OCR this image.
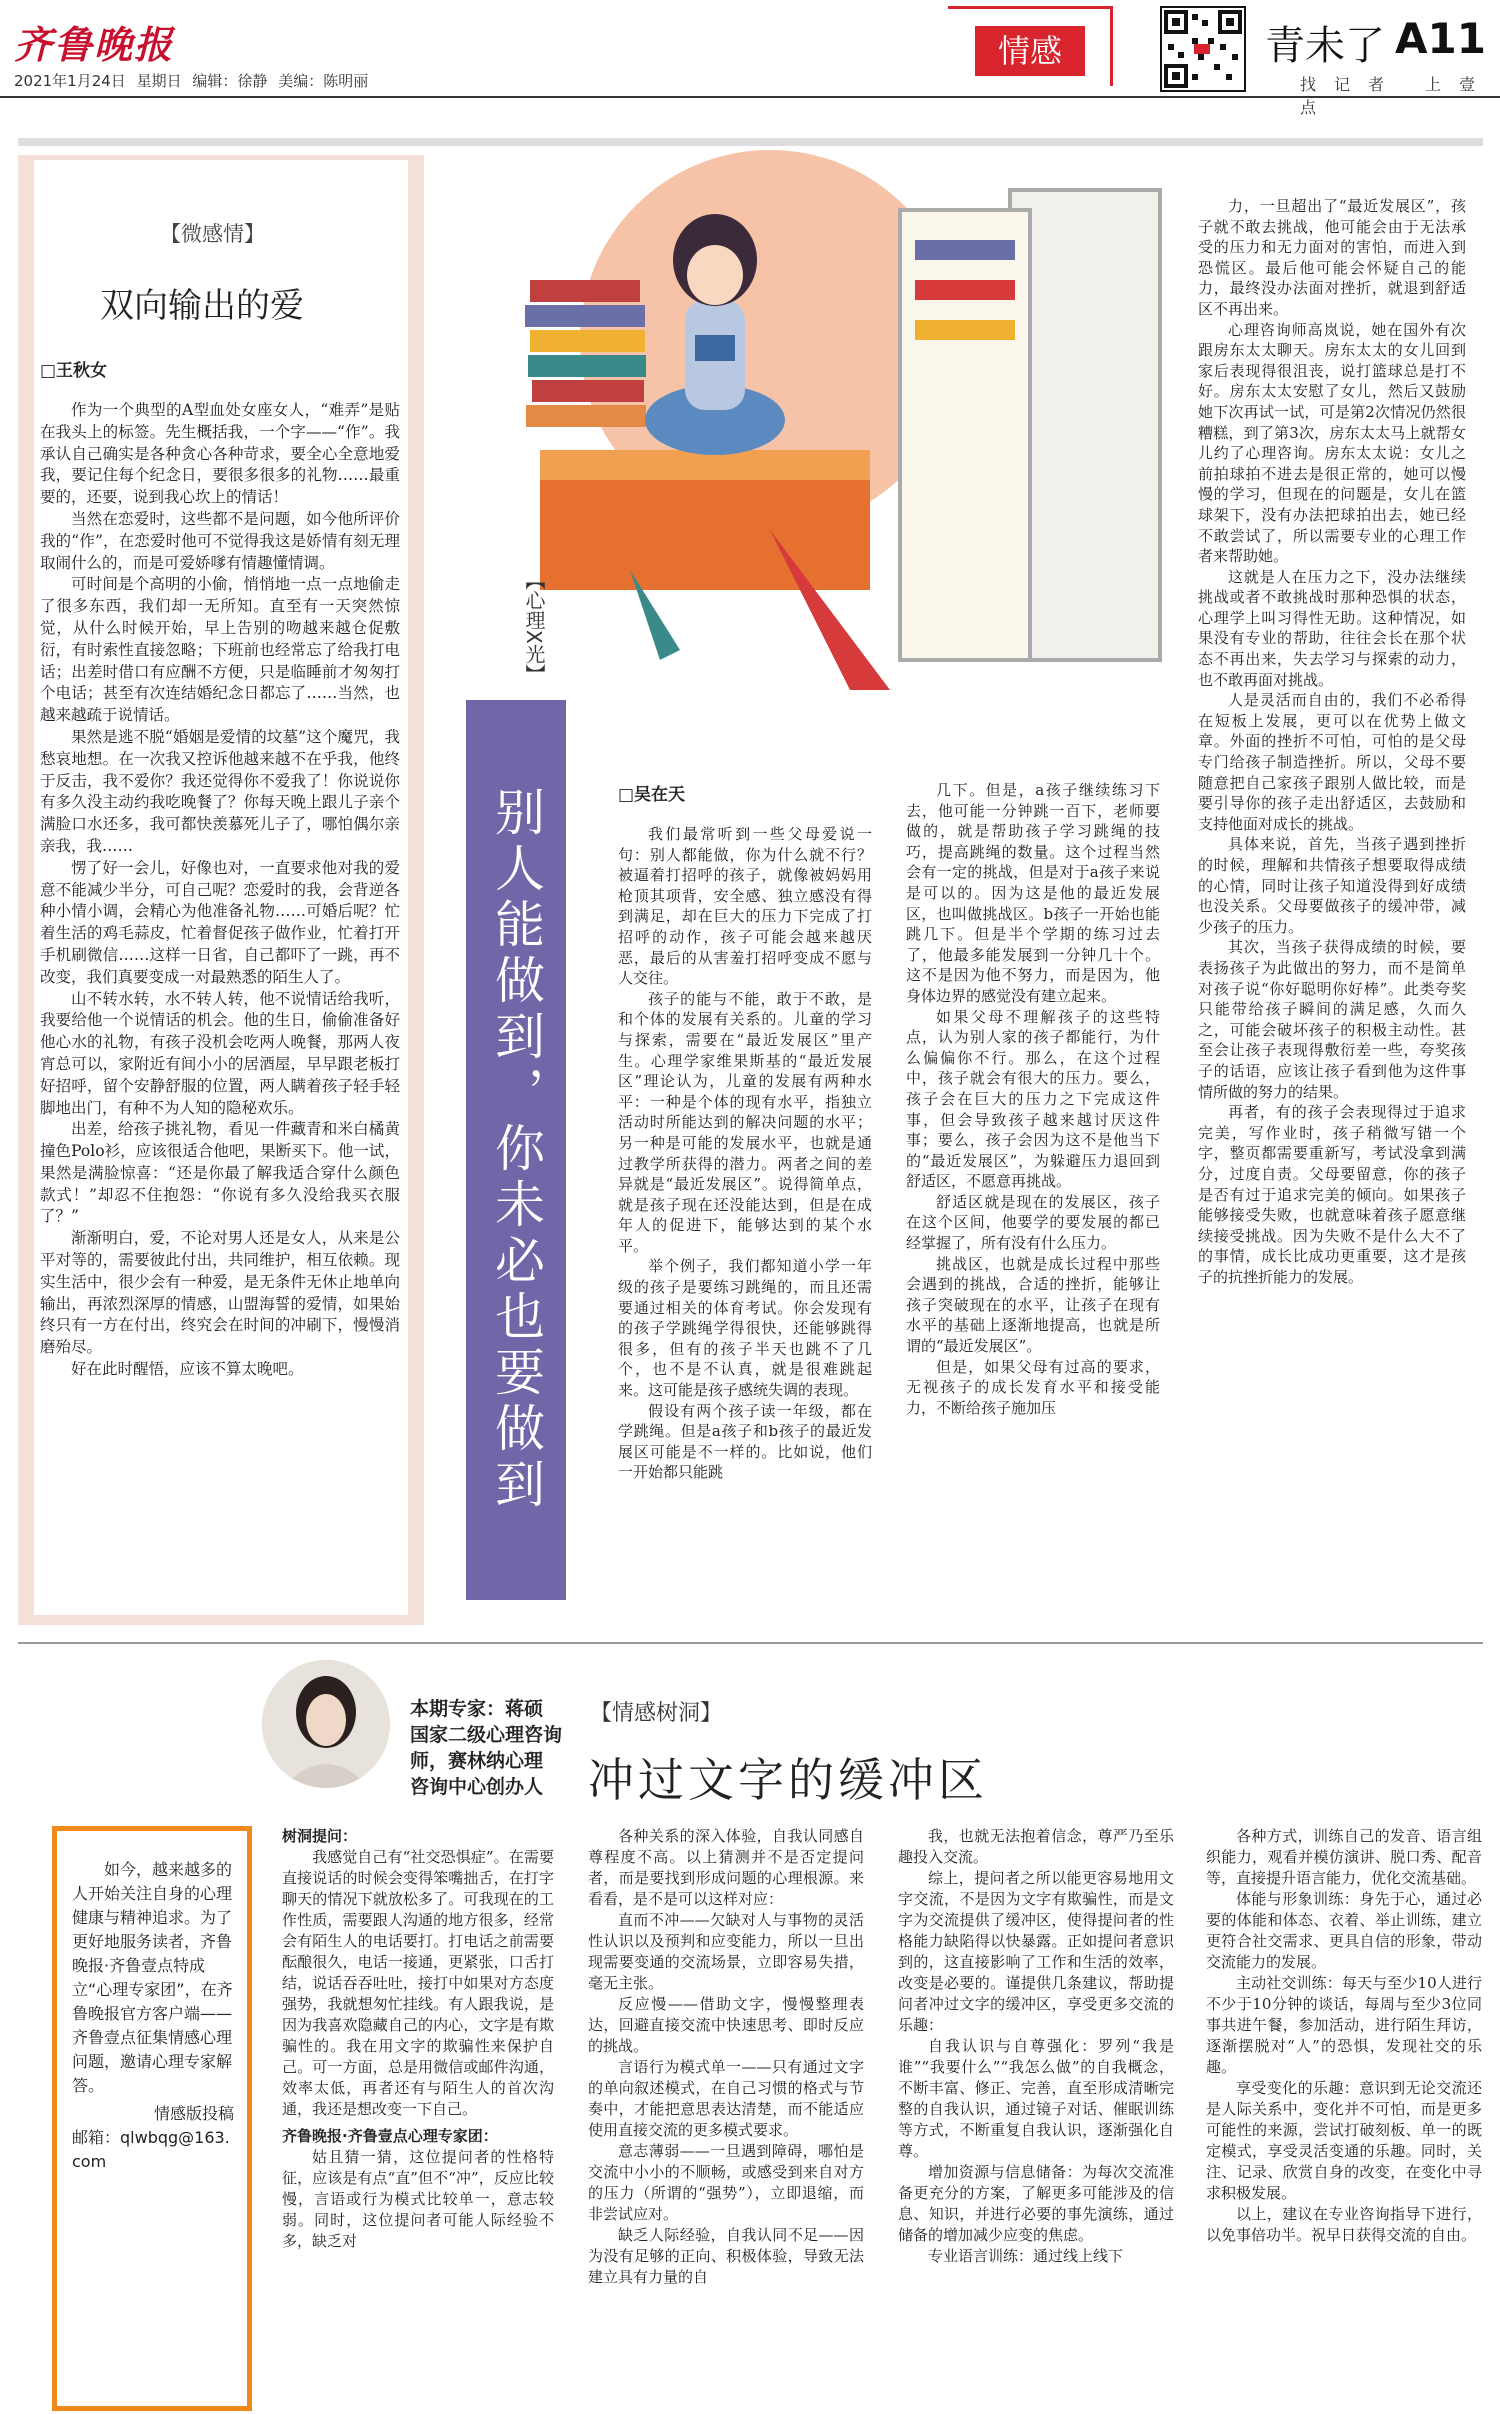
齐鲁晚报
2021年1月24日 星期日 编辑：徐静 美编：陈明丽
情感	青未了 A11
找记者 上壹点
【微感情】
双向输出的爱
□王秋女

作为一个典型的A型血处女座女人，“难弄”是贴在我头上的标签。先生概括我，一个字——“作”。我承认自己确实是各种贪心各种苛求，要全心全意地爱我，要记住每个纪念日，要很多很多的礼物……最重要的，还要，说到我心坎上的情话！

当然在恋爱时，这些都不是问题，如今他所评价我的“作”，在恋爱时他可不觉得我这是娇情有刻无理取闹什么的，而是可爱娇嗲有情趣懂情调。

可时间是个高明的小偷，悄悄地一点一点地偷走了很多东西，我们却一无所知。直至有一天突然惊觉，从什么时候开始，早上告别的吻越来越仓促敷衍，有时索性直接忽略；下班前也经常忘了给我打电话；出差时借口有应酬不方便，只是临睡前才匆匆打个电话；甚至有次连结婚纪念日都忘了……当然，也越来越疏于说情话。

果然是逃不脱“婚姻是爱情的坟墓”这个魔咒，我愁哀地想。在一次我又控诉他越来越不在乎我，他终于反击，我不爱你？我还觉得你不爱我了！你说说你有多久没主动约我吃晚餐了？你每天晚上跟儿子亲个满脸口水还多，我可都快羡慕死儿子了，哪怕偶尔亲亲我，我……

愣了好一会儿，好像也对，一直要求他对我的爱意不能减少半分，可自己呢？恋爱时的我，会背逆各种小情小调，会精心为他准备礼物……可婚后呢？忙着生活的鸡毛蒜皮，忙着督促孩子做作业，忙着打开手机刷微信……这样一日省，自己都吓了一跳，再不改变，我们真要变成一对最熟悉的陌生人了。

山不转水转，水不转人转，他不说情话给我听，我要给他一个说情话的机会。他的生日，偷偷准备好他心水的礼物，有孩子没机会吃两人晚餐，那两人夜宵总可以，家附近有间小小的居酒屋，早早跟老板打好招呼，留个安静舒服的位置，两人瞒着孩子轻手轻脚地出门，有种不为人知的隐秘欢乐。

出差，给孩子挑礼物，看见一件藏青和米白橘黄撞色Polo衫，应该很适合他吧，果断买下。他一试，果然是满脸惊喜：“还是你最了解我适合穿什么颜色款式！”却忍不住抱怨：“你说有多久没给我买衣服了？”

渐渐明白，爱，不论对男人还是女人，从来是公平对等的，需要彼此付出，共同维护，相互依赖。现实生活中，很少会有一种爱，是无条件无休止地单向输出，再浓烈深厚的情感，山盟海誓的爱情，如果始终只有一方在付出，终究会在时间的冲刷下，慢慢消磨殆尽。

好在此时醒悟，应该不算太晚吧。

【心理X光】
别人能做到，你未必也要做到	□吴在天

我们最常听到一些父母爱说一句：别人都能做，你为什么就不行？被逼着打招呼的孩子，就像被妈妈用枪顶其项背，安全感、独立感没有得到满足，却在巨大的压力下完成了打招呼的动作，孩子可能会越来越厌恶，最后的从害羞打招呼变成不愿与人交往。

孩子的能与不能，敢于不敢，是和个体的发展有关系的。儿童的学习与探索，需要在“最近发展区”里产生。心理学家维果斯基的“最近发展区”理论认为，儿童的发展有两种水平：一种是个体的现有水平，指独立活动时所能达到的解决问题的水平；另一种是可能的发展水平，也就是通过教学所获得的潜力。两者之间的差异就是“最近发展区”。说得简单点，就是孩子现在还没能达到，但是在成年人的促进下，能够达到的某个水平。

举个例子，我们都知道小学一年级的孩子是要练习跳绳的，而且还需要通过相关的体育考试。你会发现有的孩子学跳绳学得很快，还能够跳得很多，但有的孩子半天也跳不了几个，也不是不认真，就是很难跳起来。这可能是孩子感统失调的表现。

假设有两个孩子读一年级，都在学跳绳。但是a孩子和b孩子的最近发展区可能是不一样的。比如说，他们一开始都只能跳

几下。但是，a孩子继续练习下去，他可能一分钟跳一百下，老师要做的，就是帮助孩子学习跳绳的技巧，提高跳绳的数量。这个过程当然会有一定的挑战，但是对于a孩子来说是可以的。因为这是他的最近发展区，也叫做挑战区。b孩子一开始也能跳几下。但是半个学期的练习过去了，他最多能发展到一分钟几十个。这不是因为他不努力，而是因为，他身体边界的感觉没有建立起来。

如果父母不理解孩子的这些特点，认为别人家的孩子都能行，为什么偏偏你不行。那么，在这个过程中，孩子就会有很大的压力。要么，孩子会在巨大的压力之下完成这件事，但会导致孩子越来越讨厌这件事；要么，孩子会因为这不是他当下的“最近发展区”，为躲避压力退回到舒适区，不愿意再挑战。

舒适区就是现在的发展区，孩子在这个区间，他要学的要发展的都已经掌握了，所有没有什么压力。

挑战区，也就是成长过程中那些会遇到的挑战，合适的挫折，能够让孩子突破现在的水平，让孩子在现有水平的基础上逐渐地提高，也就是所谓的“最近发展区”。

但是，如果父母有过高的要求，无视孩子的成长发育水平和接受能力，不断给孩子施加压

力，一旦超出了“最近发展区”，孩子就不敢去挑战，他可能会由于无法承受的压力和无力面对的害怕，而进入到恐慌区。最后他可能会怀疑自己的能力，最终没办法面对挫折，就退到舒适区不再出来。

心理咨询师高岚说，她在国外有次跟房东太太聊天。房东太太的女儿回到家后表现得很沮丧，说打篮球总是打不好。房东太太安慰了女儿，然后又鼓励她下次再试一试，可是第2次情况仍然很糟糕，到了第3次，房东太太马上就帮女儿约了心理咨询。房东太太说：女儿之前拍球拍不进去是很正常的，她可以慢慢的学习，但现在的问题是，女儿在篮球架下，没有办法把球拍出去，她已经不敢尝试了，所以需要专业的心理工作者来帮助她。

这就是人在压力之下，没办法继续挑战或者不敢挑战时那种恐惧的状态，心理学上叫习得性无助。这种情况，如果没有专业的帮助，往往会长在那个状态不再出来，失去学习与探索的动力，也不敢再面对挑战。

人是灵活而自由的，我们不必希得在短板上发展，更可以在优势上做文章。外面的挫折不可怕，可怕的是父母专门给孩子制造挫折。所以，父母不要随意把自己家孩子跟别人做比较，而是要引导你的孩子走出舒适区，去鼓励和支持他面对成长的挑战。

具体来说，首先，当孩子遇到挫折的时候，理解和共情孩子想要取得成绩的心情，同时让孩子知道没得到好成绩也没关系。父母要做孩子的缓冲带，减少孩子的压力。

其次，当孩子获得成绩的时候，要表扬孩子为此做出的努力，而不是简单对孩子说“你好聪明你好棒”。此类夸奖只能带给孩子瞬间的满足感，久而久之，可能会破坏孩子的积极主动性。甚至会让孩子表现得敷衍差一些，夸奖孩子的话语，应该让孩子看到他为这件事情所做的努力的结果。

再者，有的孩子会表现得过于追求完美，写作业时，孩子稍微写错一个字，整页都需要重新写，考试没拿到满分，过度自责。父母要留意，你的孩子是否有过于追求完美的倾向。如果孩子能够接受失败，也就意味着孩子愿意继续接受挑战。因为失败不是什么大不了的事情，成长比成功更重要，这才是孩子的抗挫折能力的发展。

本期专家：蒋硕
国家二级心理咨询
师，赛林纳心理
咨询中心创办人
【情感树洞】
冲过文字的缓冲区

如今，越来越多的人开始关注自身的心理健康与精神追求。为了更好地服务读者，齐鲁晚报·齐鲁壹点特成立“心理专家团”，在齐鲁晚报官方客户端——齐鲁壹点征集情感心理问题，邀请心理专家解答。

情感版投稿
邮箱：qlwbqg@163.com
树洞提问：

我感觉自己有“社交恐惧症”。在需要直接说话的时候会变得笨嘴拙舌，在打字聊天的情况下就放松多了。可我现在的工作性质，需要跟人沟通的地方很多，经常会有陌生人的电话要打。打电话之前需要酝酿很久，电话一接通，更紧张，口舌打结，说话吞吞吐吐，接打中如果对方态度强势，我就想匆忙挂线。有人跟我说，是因为我喜欢隐藏自己的内心，文字是有欺骗性的。我在用文字的欺骗性来保护自己。可一方面，总是用微信或邮件沟通，效率太低，再者还有与陌生人的首次沟通，我还是想改变一下自己。

齐鲁晚报·齐鲁壹点心理专家团：

姑且猜一猜，这位提问者的性格特征，应该是有点“直”但不“冲”，反应比较慢，言语或行为模式比较单一，意志较弱。同时，这位提问者可能人际经验不多，缺乏对

各种关系的深入体验，自我认同感自尊程度不高。以上猜测并不是否定提问者，而是要找到形成问题的心理根源。来看看，是不是可以这样对应：

直而不冲——欠缺对人与事物的灵活性认识以及预判和应变能力，所以一旦出现需要变通的交流场景，立即容易失措，毫无主张。

反应慢——借助文字，慢慢整理表达，回避直接交流中快速思考、即时反应的挑战。

言语行为模式单一——只有通过文字的单向叙述模式，在自己习惯的格式与节奏中，才能把意思表达清楚，而不能适应使用直接交流的更多模式要求。

意志薄弱——一旦遇到障碍，哪怕是交流中小小的不顺畅，或感受到来自对方的压力（所谓的“强势”），立即退缩，而非尝试应对。

缺乏人际经验，自我认同不足——因为没有足够的正向、积极体验，导致无法建立具有力量的自

我，也就无法抱着信念，尊严乃至乐趣投入交流。

综上，提问者之所以能更容易地用文字交流，不是因为文字有欺骗性，而是文字为交流提供了缓冲区，使得提问者的性格能力缺陷得以快暴露。正如提问者意识到的，这直接影响了工作和生活的效率，改变是必要的。谨提供几条建议，帮助提问者冲过文字的缓冲区，享受更多交流的乐趣：

自我认识与自尊强化：罗列“我是谁”“我要什么”“我怎么做”的自我概念，不断丰富、修正、完善，直至形成清晰完整的自我认识，通过镜子对话、催眠训练等方式，不断重复自我认识，逐渐强化自尊。

增加资源与信息储备：为每次交流准备更充分的方案，了解更多可能涉及的信息、知识，并进行必要的事先演练，通过储备的增加减少应变的焦虑。

专业语言训练：通过线上线下

各种方式，训练自己的发音、语言组织能力，观看并模仿演讲、脱口秀、配音等，直接提升语言能力，优化交流基础。

体能与形象训练：身先于心，通过必要的体能和体态、衣着、举止训练，建立更符合社交需求、更具自信的形象，带动交流能力的发展。

主动社交训练：每天与至少10人进行不少于10分钟的谈话，每周与至少3位同事共进午餐，参加活动，进行陌生拜访，逐渐摆脱对“人”的恐惧，发现社交的乐趣。

享受变化的乐趣：意识到无论交流还是人际关系中，变化并不可怕，而是更多可能性的来源，尝试打破刻板、单一的既定模式，享受灵活变通的乐趣。同时，关注、记录、欣赏自身的改变，在变化中寻求积极发展。

以上，建议在专业咨询指导下进行，以免事倍功半。祝早日获得交流的自由。
